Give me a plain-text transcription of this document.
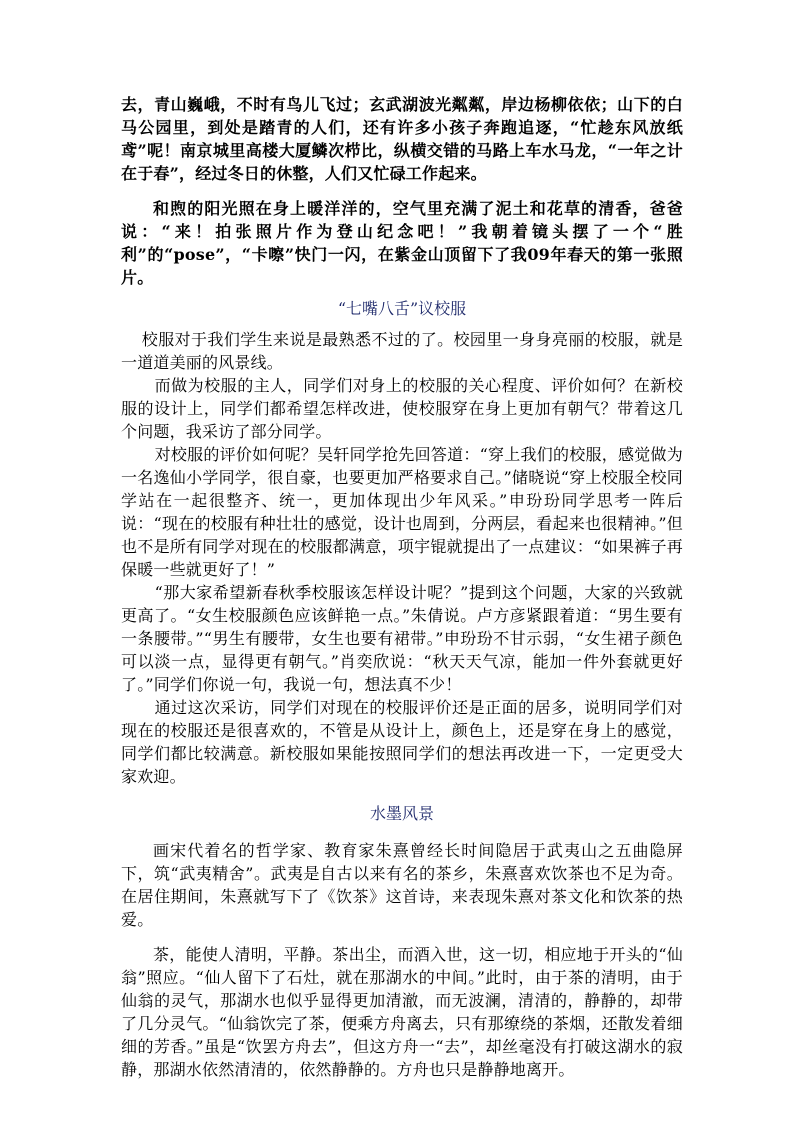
去，青山巍峨，不时有鸟儿飞过；玄武湖波光粼粼，岸边杨柳依依；山下的白马公园里，到处是踏青的人们，还有许多小孩子奔跑追逐，“忙趁东风放纸鸢”呢！南京城里高楼大厦鳞次栉比，纵横交错的马路上车水马龙，“一年之计在于春”，经过冬日的休整，人们又忙碌工作起来。

和煦的阳光照在身上暖洋洋的，空气里充满了泥土和花草的清香，爸爸说：“来！拍张照片作为登山纪念吧！”我朝着镜头摆了一个“胜利”的“pose”，“卡嚓”快门一闪，在紫金山顶留下了我09年春天的第一张照片。

“七嘴八舌”议校服

校服对于我们学生来说是最熟悉不过的了。校园里一身身亮丽的校服，就是一道道美丽的风景线。

而做为校服的主人，同学们对身上的校服的关心程度、评价如何？在新校服的设计上，同学们都希望怎样改进，使校服穿在身上更加有朝气？带着这几个问题，我采访了部分同学。

对校服的评价如何呢？吴轩同学抢先回答道：“穿上我们的校服，感觉做为一名逸仙小学同学，很自豪，也要更加严格要求自己。”储晓说“穿上校服全校同学站在一起很整齐、统一，更加体现出少年风采。”申玢玢同学思考一阵后说：“现在的校服有种壮壮的感觉，设计也周到，分两层，看起来也很精神。”但也不是所有同学对现在的校服都满意，项宇锟就提出了一点建议：“如果裤子再保暖一些就更好了！”

“那大家希望新春秋季校服该怎样设计呢？”提到这个问题，大家的兴致就更高了。“女生校服颜色应该鲜艳一点。”朱倩说。卢方彦紧跟着道：“男生要有一条腰带。”“男生有腰带，女生也要有裙带。”申玢玢不甘示弱，“女生裙子颜色可以淡一点，显得更有朝气。”肖奕欣说：“秋天天气凉，能加一件外套就更好了。”同学们你说一句，我说一句，想法真不少！

通过这次采访，同学们对现在的校服评价还是正面的居多，说明同学们对现在的校服还是很喜欢的，不管是从设计上，颜色上，还是穿在身上的感觉，同学们都比较满意。新校服如果能按照同学们的想法再改进一下，一定更受大家欢迎。

水墨风景

画宋代着名的哲学家、教育家朱熹曾经长时间隐居于武夷山之五曲隐屏下，筑“武夷精舍”。武夷是自古以来有名的茶乡，朱熹喜欢饮茶也不足为奇。在居住期间，朱熹就写下了《饮茶》这首诗，来表现朱熹对茶文化和饮茶的热爱。

茶，能使人清明，平静。茶出尘，而酒入世，这一切，相应地于开头的“仙翁”照应。“仙人留下了石灶，就在那湖水的中间。”此时，由于茶的清明，由于仙翁的灵气，那湖水也似乎显得更加清澈，而无波澜，清清的，静静的，却带了几分灵气。“仙翁饮完了茶，便乘方舟离去，只有那缭绕的茶烟，还散发着细细的芳香。”虽是“饮罢方舟去”，但这方舟一“去”，却丝毫没有打破这湖水的寂静，那湖水依然清清的，依然静静的。方舟也只是静静地离开。
